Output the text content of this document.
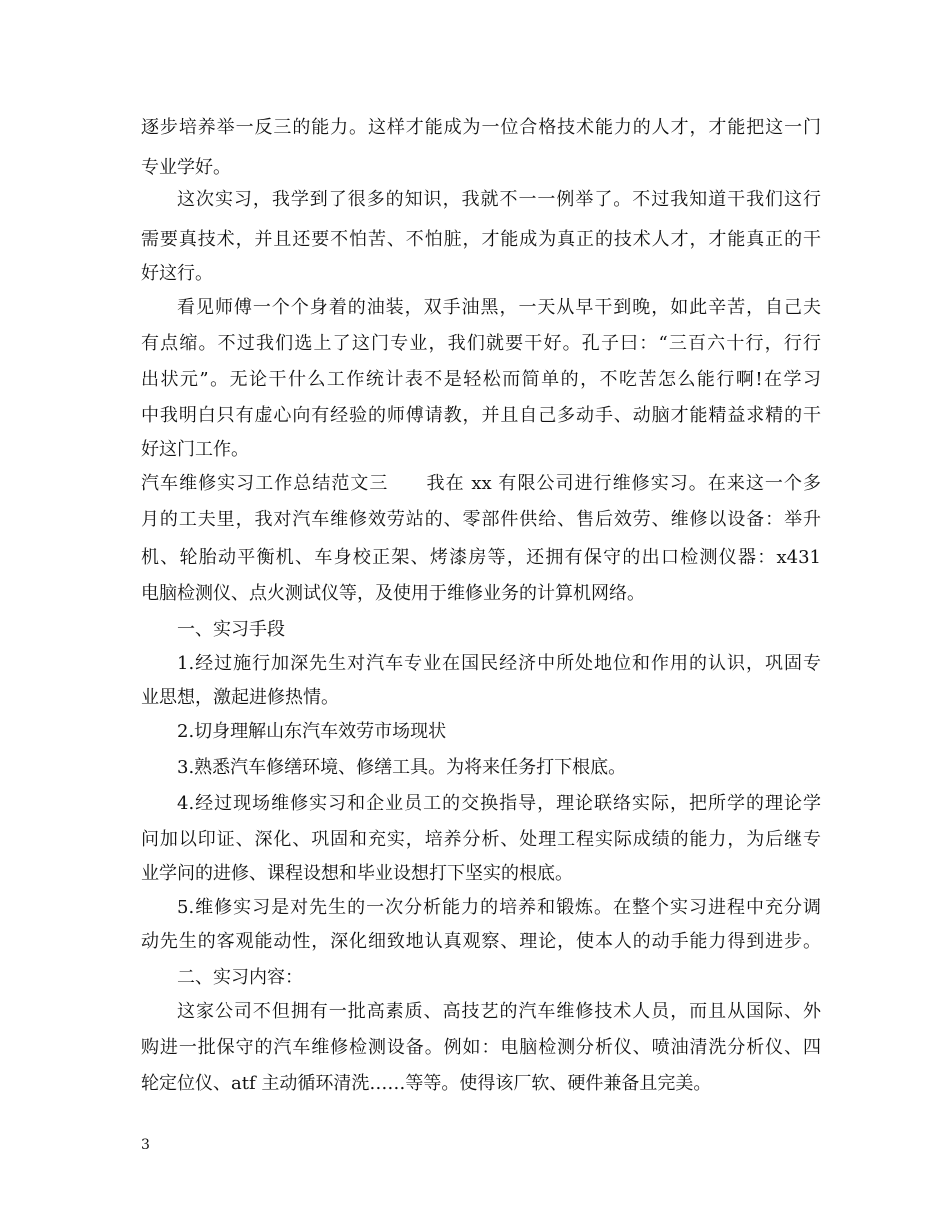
逐步培养举一反三的能力。这样才能成为一位合格技术能力的人才，才能把这一门
专业学好。
这次实习，我学到了很多的知识，我就不一一例举了。不过我知道干我们这行
需要真技术，并且还要不怕苦、不怕脏，才能成为真正的技术人才，才能真正的干
好这行。
看见师傅一个个身着的油装，双手油黑，一天从早干到晚，如此辛苦，自己夫
有点缩。不过我们选上了这门专业，我们就要干好。孔子曰：“三百六十行，行行
出状元”。无论干什么工作统计表不是轻松而简单的，不吃苦怎么能行啊!在学习
中我明白只有虚心向有经验的师傅请教，并且自己多动手、动脑才能精益求精的干
好这门工作。
汽车维修实习工作总结范文三　　我在 xx 有限公司进行维修实习。在来这一个多
月的工夫里，我对汽车维修效劳站的、零部件供给、售后效劳、维修以设备：举升
机、轮胎动平衡机、车身校正架、烤漆房等，还拥有保守的出口检测仪器：x431
电脑检测仪、点火测试仪等，及使用于维修业务的计算机网络。
一、实习手段
1.经过施行加深先生对汽车专业在国民经济中所处地位和作用的认识，巩固专
业思想，激起进修热情。
2.切身理解山东汽车效劳市场现状
3.熟悉汽车修缮环境、修缮工具。为将来任务打下根底。
4.经过现场维修实习和企业员工的交换指导，理论联络实际，把所学的理论学
问加以印证、深化、巩固和充实，培养分析、处理工程实际成绩的能力，为后继专
业学问的进修、课程设想和毕业设想打下坚实的根底。
5.维修实习是对先生的一次分析能力的培养和锻炼。在整个实习进程中充分调
动先生的客观能动性，深化细致地认真观察、理论，使本人的动手能力得到进步。
二、实习内容：
这家公司不但拥有一批高素质、高技艺的汽车维修技术人员，而且从国际、外
购进一批保守的汽车维修检测设备。例如：电脑检测分析仪、喷油清洗分析仪、四
轮定位仪、atf 主动循环清洗……等等。使得该厂软、硬件兼备且完美。
3
